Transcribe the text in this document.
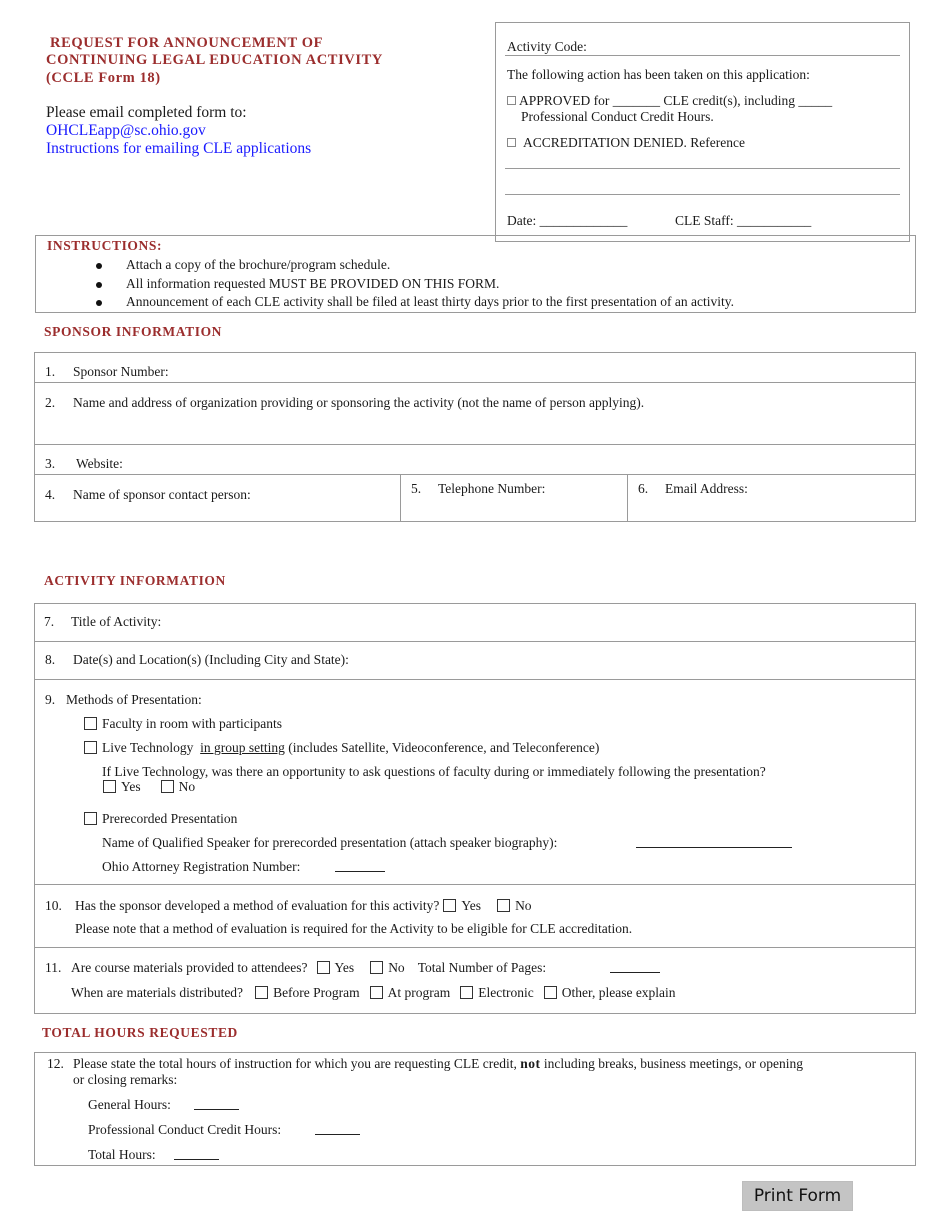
REQUEST FOR ANNOUNCEMENT OF
CONTINUING LEGAL EDUCATION ACTIVITY
(CCLE Form 18)
Please email completed form to:
OHCLEapp@sc.ohio.gov
Instructions for emailing CLE applications
Activity Code:
The following action has been taken on this application:
APPROVED for _______ CLE credit(s), including _____
Professional Conduct Credit Hours.
ACCREDITATION DENIED. Reference
Date: _____________	CLE Staff: ___________
INSTRUCTIONS:
Attach a copy of the brochure/program schedule.
All information requested MUST BE PROVIDED ON THIS FORM.
Announcement of each CLE activity shall be filed at least thirty days prior to the first presentation of an activity.
SPONSOR INFORMATION
1. Sponsor Number:
2. Name and address of organization providing or sponsoring the activity (not the name of person applying).
3. Website:
4. Name of sponsor contact person:	5. Telephone Number:	6. Email Address:
ACTIVITY INFORMATION
7. Title of Activity:
8. Date(s) and Location(s) (Including City and State):
9. Methods of Presentation:
Faculty in room with participants
Live Technology in group setting (includes Satellite, Videoconference, and Teleconference)
If Live Technology, was there an opportunity to ask questions of faculty during or immediately following the presentation?
Yes	No
Prerecorded Presentation
Name of Qualified Speaker for prerecorded presentation (attach speaker biography):
Ohio Attorney Registration Number:
10. Has the sponsor developed a method of evaluation for this activity? Yes	No
Please note that a method of evaluation is required for the Activity to be eligible for CLE accreditation.
11. Are course materials provided to attendees? Yes	No Total Number of Pages:
When are materials distributed? Before Program At program Electronic Other, please explain
TOTAL HOURS REQUESTED
12. Please state the total hours of instruction for which you are requesting CLE credit, not including breaks, business meetings, or opening
or closing remarks:
General Hours:
Professional Conduct Credit Hours:
Total Hours:
Print Form
